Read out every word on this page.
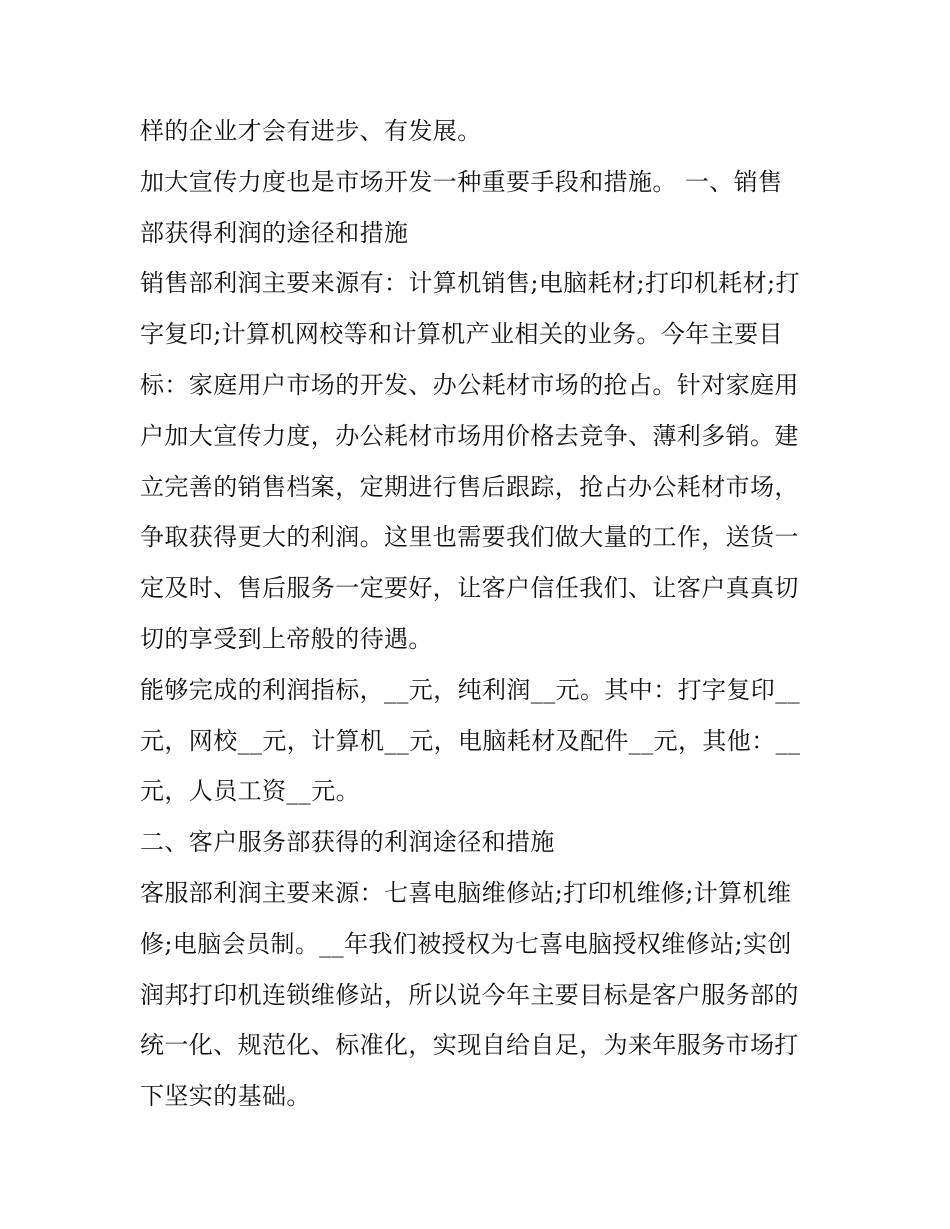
样的企业才会有进步、有发展。
加大宣传力度也是市场开发一种重要手段和措施。 一、销售
部获得利润的途径和措施
销售部利润主要来源有：计算机销售;电脑耗材;打印机耗材;打
字复印;计算机网校等和计算机产业相关的业务。今年主要目
标：家庭用户市场的开发、办公耗材市场的抢占。针对家庭用
户加大宣传力度，办公耗材市场用价格去竞争、薄利多销。建
立完善的销售档案，定期进行售后跟踪，抢占办公耗材市场，
争取获得更大的利润。这里也需要我们做大量的工作，送货一
定及时、售后服务一定要好，让客户信任我们、让客户真真切
切的享受到上帝般的待遇。
能够完成的利润指标，__元，纯利润__元。其中：打字复印__
元，网校__元，计算机__元，电脑耗材及配件__元，其他：__
元，人员工资__元。
二、客户服务部获得的利润途径和措施
客服部利润主要来源：七喜电脑维修站;打印机维修;计算机维
修;电脑会员制。__年我们被授权为七喜电脑授权维修站;实创
润邦打印机连锁维修站，所以说今年主要目标是客户服务部的
统一化、规范化、标准化，实现自给自足，为来年服务市场打
下坚实的基础。
